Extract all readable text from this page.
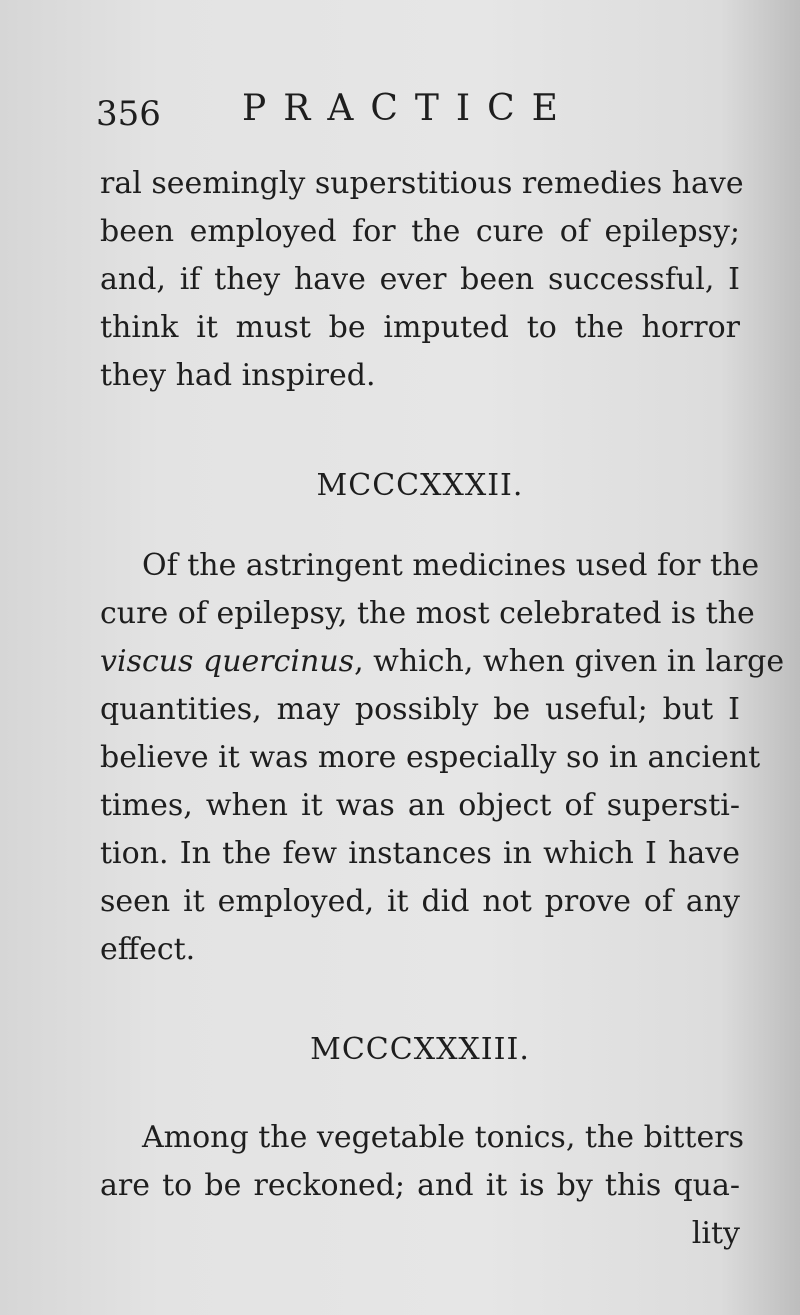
356 PRACTICE
ral seemingly superstitious remedies have
been employed for the cure of epilepsy;
and, if they have ever been successful, I
think it must be imputed to the horror
they had inspired.
MCCCXXXII.
Of the astringent medicines used for the
cure of epilepsy, the most celebrated is the
viscus quercinus, which, when given in large
quantities, may possibly be useful; but I
believe it was more especially so in ancient
times, when it was an object of supersti-
tion. In the few instances in which I have
seen it employed, it did not prove of any
effect.
MCCCXXXIII.
Among the vegetable tonics, the bitters
are to be reckoned; and it is by this qua-
lity
